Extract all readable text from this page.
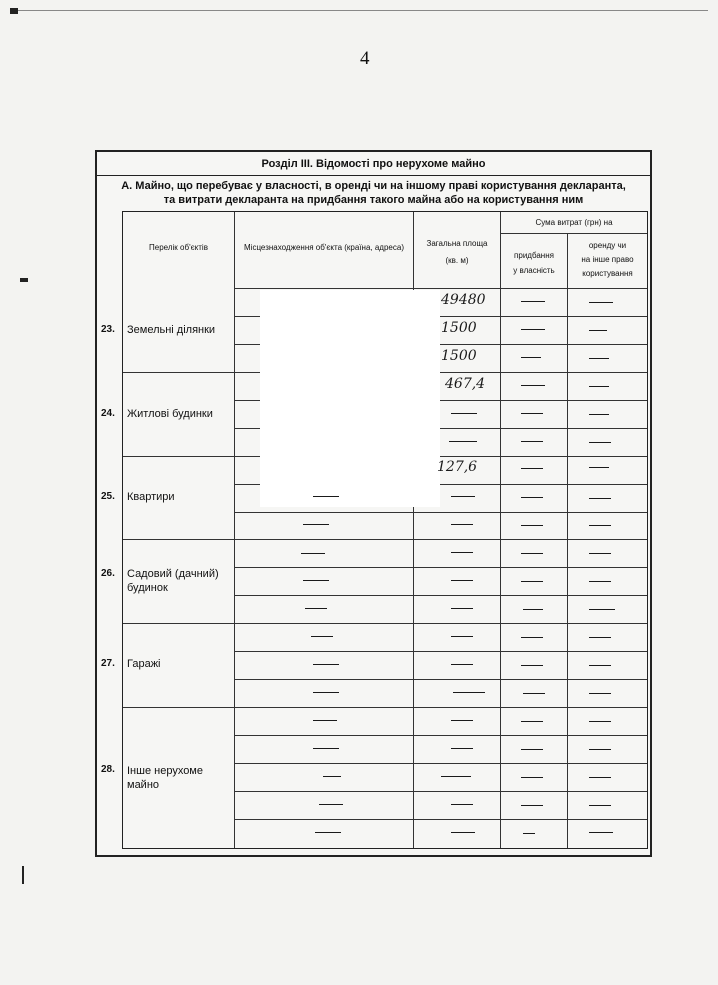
4
Розділ ІІІ. Відомості про нерухоме майно
А. Майно, що перебуває у власності, в оренді чи на іншому праві користування декларанта,
та витрати декларанта на придбання такого майна або на користування ним
Перелік об'єктів	Місцезнаходження об'єкта (країна, адреса)	Загальна площа
(кв. м)
Сума витрат (грн) на
придбання
у власність
оренду чи
на інше право
користування
23.
24.
25.
26.
27.
28.
Земельні ділянки
Житлові будинки
Квартири
Садовий (дачний)
будинок
Гаражі
Інше нерухоме
майно
49480
1500
1500
467,4
127,6
